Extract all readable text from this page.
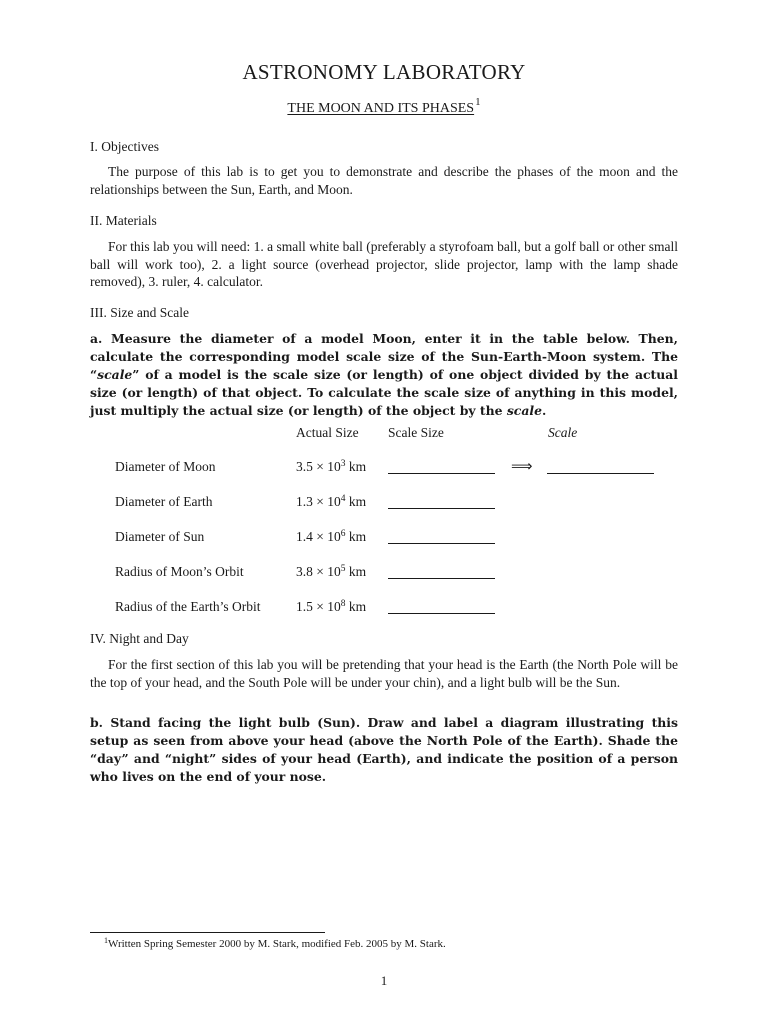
ASTRONOMY LABORATORY
THE MOON AND ITS PHASES$^1$
I. Objectives
The purpose of this lab is to get you to demonstrate and describe the phases of the moon and the relationships between the Sun, Earth, and Moon.
II. Materials
For this lab you will need: 1. a small white ball (preferably a styrofoam ball, but a golf ball or other small ball will work too), 2. a light source (overhead projector, slide projector, lamp with the lamp shade removed), 3. ruler, 4. calculator.
III. Size and Scale
a. Measure the diameter of a model Moon, enter it in the table below. Then, calculate the corresponding model scale size of the Sun-Earth-Moon system. The “scale” of a model is the scale size (or length) of one object divided by the actual size (or length) of that object. To calculate the scale size of anything in this model, just multiply the actual size (or length) of the object by the scale.
Actual Size Scale Size	Scale
Diameter of Moon	$3.5 \times 10^3$ km	⟹
Diameter of Earth	$1.3 \times 10^4$ km
Diameter of Sun	$1.4 \times 10^6$ km
Radius of Moon’s Orbit	$3.8 \times 10^5$ km
Radius of the Earth’s Orbit	$1.5 \times 10^8$ km
IV. Night and Day
For the first section of this lab you will be pretending that your head is the Earth (the North Pole will be the top of your head, and the South Pole will be under your chin), and a light bulb will be the Sun.
b. Stand facing the light bulb (Sun). Draw and label a diagram illustrating this setup as seen from above your head (above the North Pole of the Earth). Shade the “day” and “night” sides of your head (Earth), and indicate the position of a person who lives on the end of your nose.
$^1$Written Spring Semester 2000 by M. Stark, modified Feb. 2005 by M. Stark.
1
